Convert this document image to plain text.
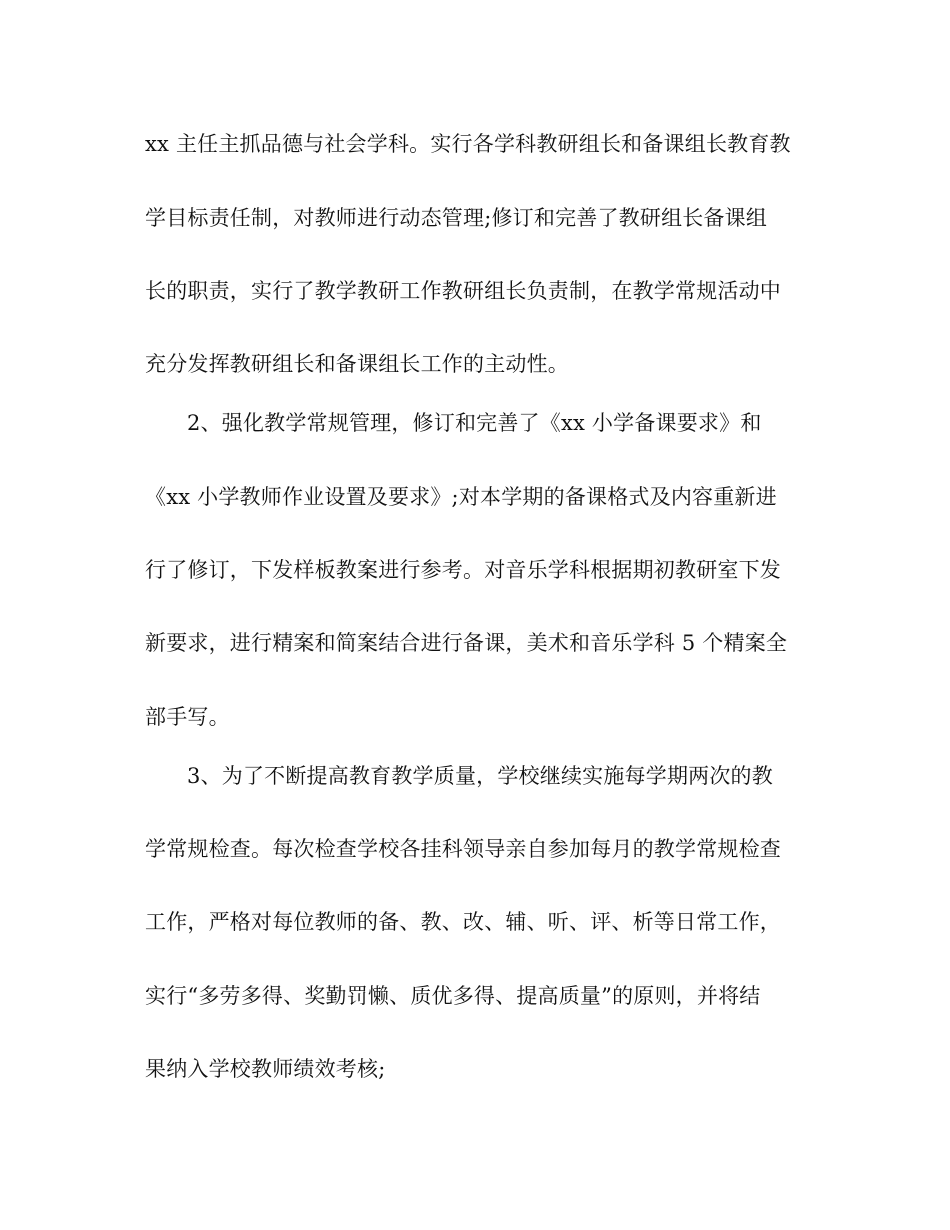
xx 主任主抓品德与社会学科。实行各学科教研组长和备课组长教育教
学目标责任制，对教师进行动态管理;修订和完善了教研组长备课组
长的职责，实行了教学教研工作教研组长负责制，在教学常规活动中
充分发挥教研组长和备课组长工作的主动性。
2、强化教学常规管理，修订和完善了《xx 小学备课要求》和
《xx 小学教师作业设置及要求》;对本学期的备课格式及内容重新进
行了修订，下发样板教案进行参考。对音乐学科根据期初教研室下发
新要求，进行精案和简案结合进行备课，美术和音乐学科 5 个精案全
部手写。
3、为了不断提高教育教学质量，学校继续实施每学期两次的教
学常规检查。每次检查学校各挂科领导亲自参加每月的教学常规检查
工作，严格对每位教师的备、教、改、辅、听、评、析等日常工作，
实行“多劳多得、奖勤罚懒、质优多得、提高质量”的原则，并将结
果纳入学校教师绩效考核;
